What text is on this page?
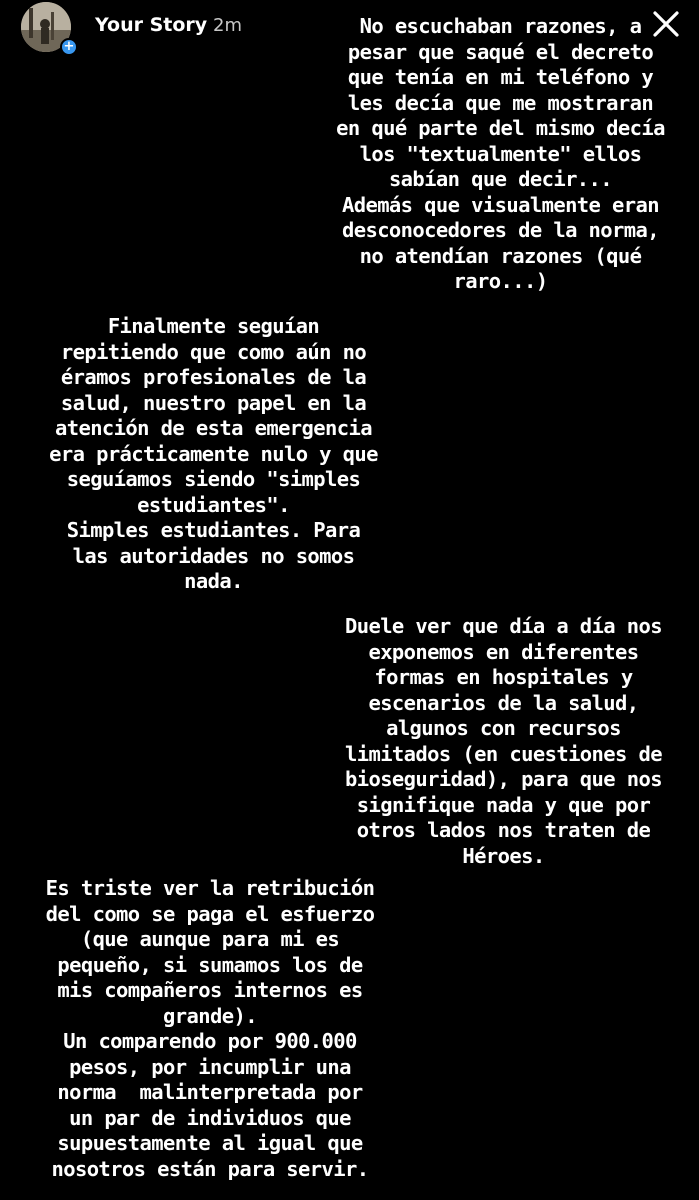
+
Your Story 2m	No escuchaban razones, a
pesar que saqué el decreto
que tenía en mi teléfono y
les decía que me mostraran
en qué parte del mismo decía
los "textualmente" ellos
sabían que decir...
Además que visualmente eran
desconocedores de la norma,
no atendían razones (qué
raro...)
Finalmente seguían
repitiendo que como aún no
éramos profesionales de la
salud, nuestro papel en la
atención de esta emergencia
era prácticamente nulo y que
seguíamos siendo "simples
estudiantes".
Simples estudiantes. Para
las autoridades no somos
nada.
Duele ver que día a día nos
exponemos en diferentes
formas en hospitales y
escenarios de la salud,
algunos con recursos
limitados (en cuestiones de
bioseguridad), para que nos
signifique nada y que por
otros lados nos traten de
Héroes.
Es triste ver la retribución
del como se paga el esfuerzo
(que aunque para mi es
pequeño, si sumamos los de
mis compañeros internos es
grande).
Un comparendo por 900.000
pesos, por incumplir una
norma  malinterpretada por
un par de individuos que
supuestamente al igual que
nosotros están para servir.
